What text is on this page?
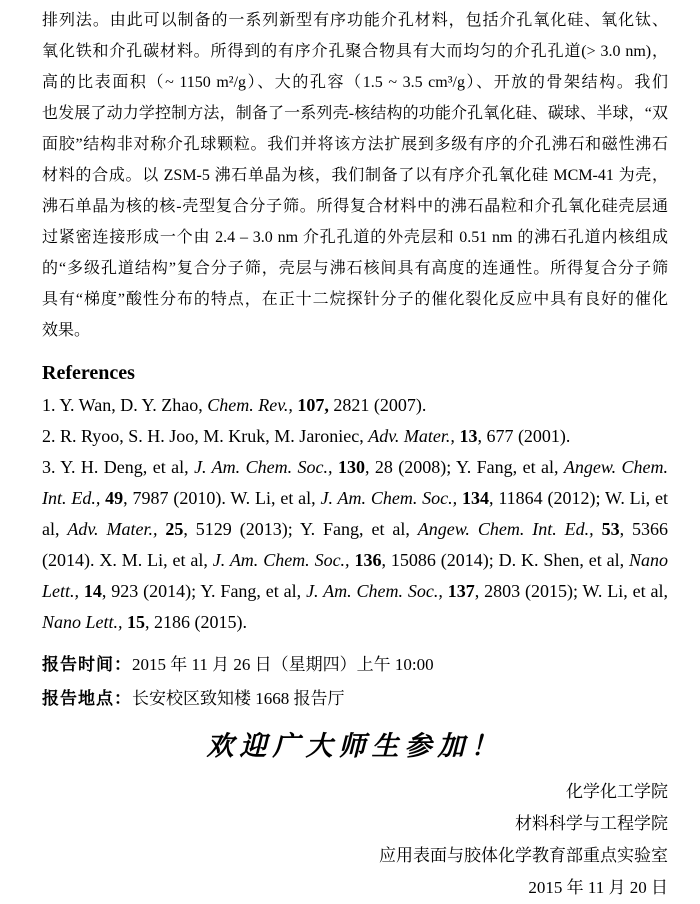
排列法。由此可以制备的一系列新型有序功能介孔材料，包括介孔氧化硅、氧化钛、
氧化铁和介孔碳材料。所得到的有序介孔聚合物具有大而均匀的介孔孔道(> 3.0 nm)，
高的比表面积（~ 1150 m²/g）、大的孔容（1.5 ~ 3.5 cm³/g）、开放的骨架结构。我们
也发展了动力学控制方法，制备了一系列壳-核结构的功能介孔氧化硅、碳球、半球，“双
面胶”结构非对称介孔球颗粒。我们并将该方法扩展到多级有序的介孔沸石和磁性沸石
材料的合成。以 ZSM-5 沸石单晶为核，我们制备了以有序介孔氧化硅 MCM-41 为壳，
沸石单晶为核的核-壳型复合分子筛。所得复合材料中的沸石晶粒和介孔氧化硅壳层通
过紧密连接形成一个由 2.4 – 3.0 nm 介孔孔道的外壳层和 0.51 nm 的沸石孔道内核组成
的“多级孔道结构”复合分子筛，壳层与沸石核间具有高度的连通性。所得复合分子筛
具有“梯度”酸性分布的特点，在正十二烷探针分子的催化裂化反应中具有良好的催化
效果。
References
1. Y. Wan, D. Y. Zhao, Chem. Rev., 107, 2821 (2007).
2. R. Ryoo, S. H. Joo, M. Kruk, M. Jaroniec, Adv. Mater., 13, 677 (2001).
3. Y. H. Deng, et al, J. Am. Chem. Soc., 130, 28 (2008); Y. Fang, et al, Angew. Chem. Int. Ed., 49, 7987 (2010). W. Li, et al, J. Am. Chem. Soc., 134, 11864 (2012); W. Li, et al, Adv. Mater., 25, 5129 (2013); Y. Fang, et al, Angew. Chem. Int. Ed., 53, 5366 (2014). X. M. Li, et al, J. Am. Chem. Soc., 136, 15086 (2014); D. K. Shen, et al, Nano Lett., 14, 923 (2014); Y. Fang, et al, J. Am. Chem. Soc., 137, 2803 (2015); W. Li, et al, Nano Lett., 15, 2186 (2015).
报告时间：2015 年 11 月 26 日（星期四）上午 10:00
报告地点：长安校区致知楼 1668 报告厅
欢迎广大师生参加！
化学化工学院
材料科学与工程学院
应用表面与胶体化学教育部重点实验室
2015 年 11 月 20 日
